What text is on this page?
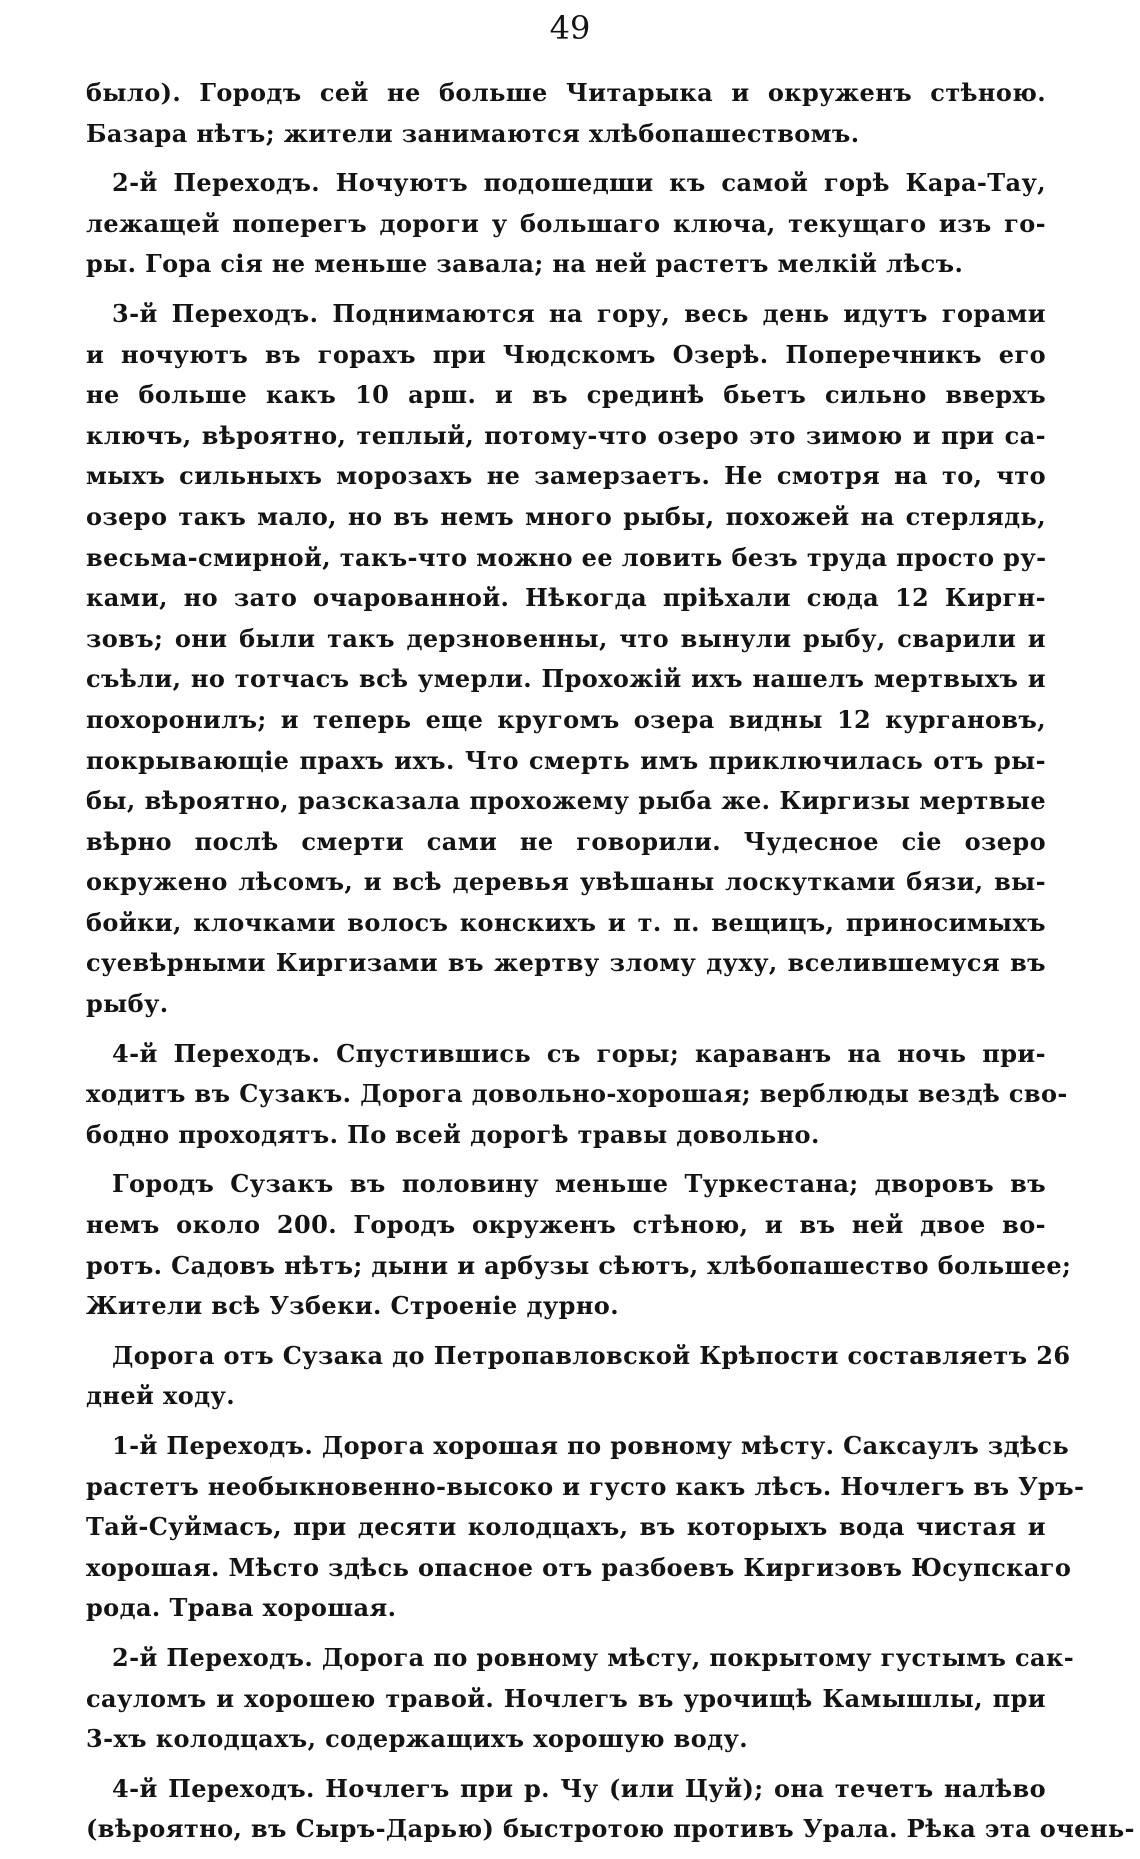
49
было). Городъ сей не больше Читарыка и окруженъ стѣною.
Базара нѣтъ; жители занимаются хлѣбопашествомъ.
2-й Переходъ. Ночуютъ подошедши къ самой горѣ Кара-Тау,
лежащей поперегъ дороги у большаго ключа, текущаго изъ го-
ры. Гора сія не меньше завала; на ней растетъ мелкій лѣсъ.
3-й Переходъ. Поднимаются на гору, весь день идутъ горами
и ночуютъ въ горахъ при Чюдскомъ Озерѣ. Поперечникъ его
не больше какъ 10 арш. и въ срединѣ бьетъ сильно вверхъ
ключъ, вѣроятно, теплый, потому-что озеро это зимою и при са-
мыхъ сильныхъ морозахъ не замерзаетъ. Не смотря на то, что
озеро такъ мало, но въ немъ много рыбы, похожей на стерлядь,
весьма-смирной, такъ-что можно ее ловить безъ труда просто ру-
ками, но зато очарованной. Нѣкогда пріѣхали сюда 12 Киргн-
зовъ; они были такъ дерзновенны, что вынули рыбу, сварили и
съѣли, но тотчасъ всѣ умерли. Прохожій ихъ нашелъ мертвыхъ и
похоронилъ; и теперь еще кругомъ озера видны 12 кургановъ,
покрывающіе прахъ ихъ. Что смерть имъ приключилась отъ ры-
бы, вѣроятно, разсказала прохожему рыба же. Киргизы мертвые
вѣрно послѣ смерти сами не говорили. Чудесное сіе озеро
окружено лѣсомъ, и всѣ деревья увѣшаны лоскутками бязи, вы-
бойки, клочками волосъ конскихъ и т. п. вещицъ, приносимыхъ
суевѣрными Киргизами въ жертву злому духу, вселившемуся въ
рыбу.
4-й Переходъ. Спустившись съ горы; караванъ на ночь при-
ходитъ въ Сузакъ. Дорога довольно-хорошая; верблюды вездѣ сво-
бодно проходятъ. По всей дорогѣ травы довольно.
Городъ Сузакъ въ половину меньше Туркестана; дворовъ въ
немъ около 200. Городъ окруженъ стѣною, и въ ней двое во-
ротъ. Садовъ нѣтъ; дыни и арбузы сѣютъ, хлѣбопашество большее;
Жители всѣ Узбеки. Строеніе дурно.
Дорога отъ Сузака до Петропавловской Крѣпости составляетъ 26
дней ходу.
1-й Переходъ. Дорога хорошая по ровному мѣсту. Саксаулъ здѣсь
растетъ необыкновенно-высоко и густо какъ лѣсъ. Ночлегъ въ Уръ-
Тай-Суймасъ, при десяти колодцахъ, въ которыхъ вода чистая и
хорошая. Мѣсто здѣсь опасное отъ разбоевъ Киргизовъ Юсупскаго
рода. Трава хорошая.
2-й Переходъ. Дорога по ровному мѣсту, покрытому густымъ сак-
сауломъ и хорошею травой. Ночлегъ въ урочищѣ Камышлы, при
3-хъ колодцахъ, содержащихъ хорошую воду.
4-й Переходъ. Ночлегъ при р. Чу (или Цуй); она течетъ налѣво
(вѣроятно, въ Сыръ-Дарью) быстротою противъ Урала. Рѣка эта очень-
